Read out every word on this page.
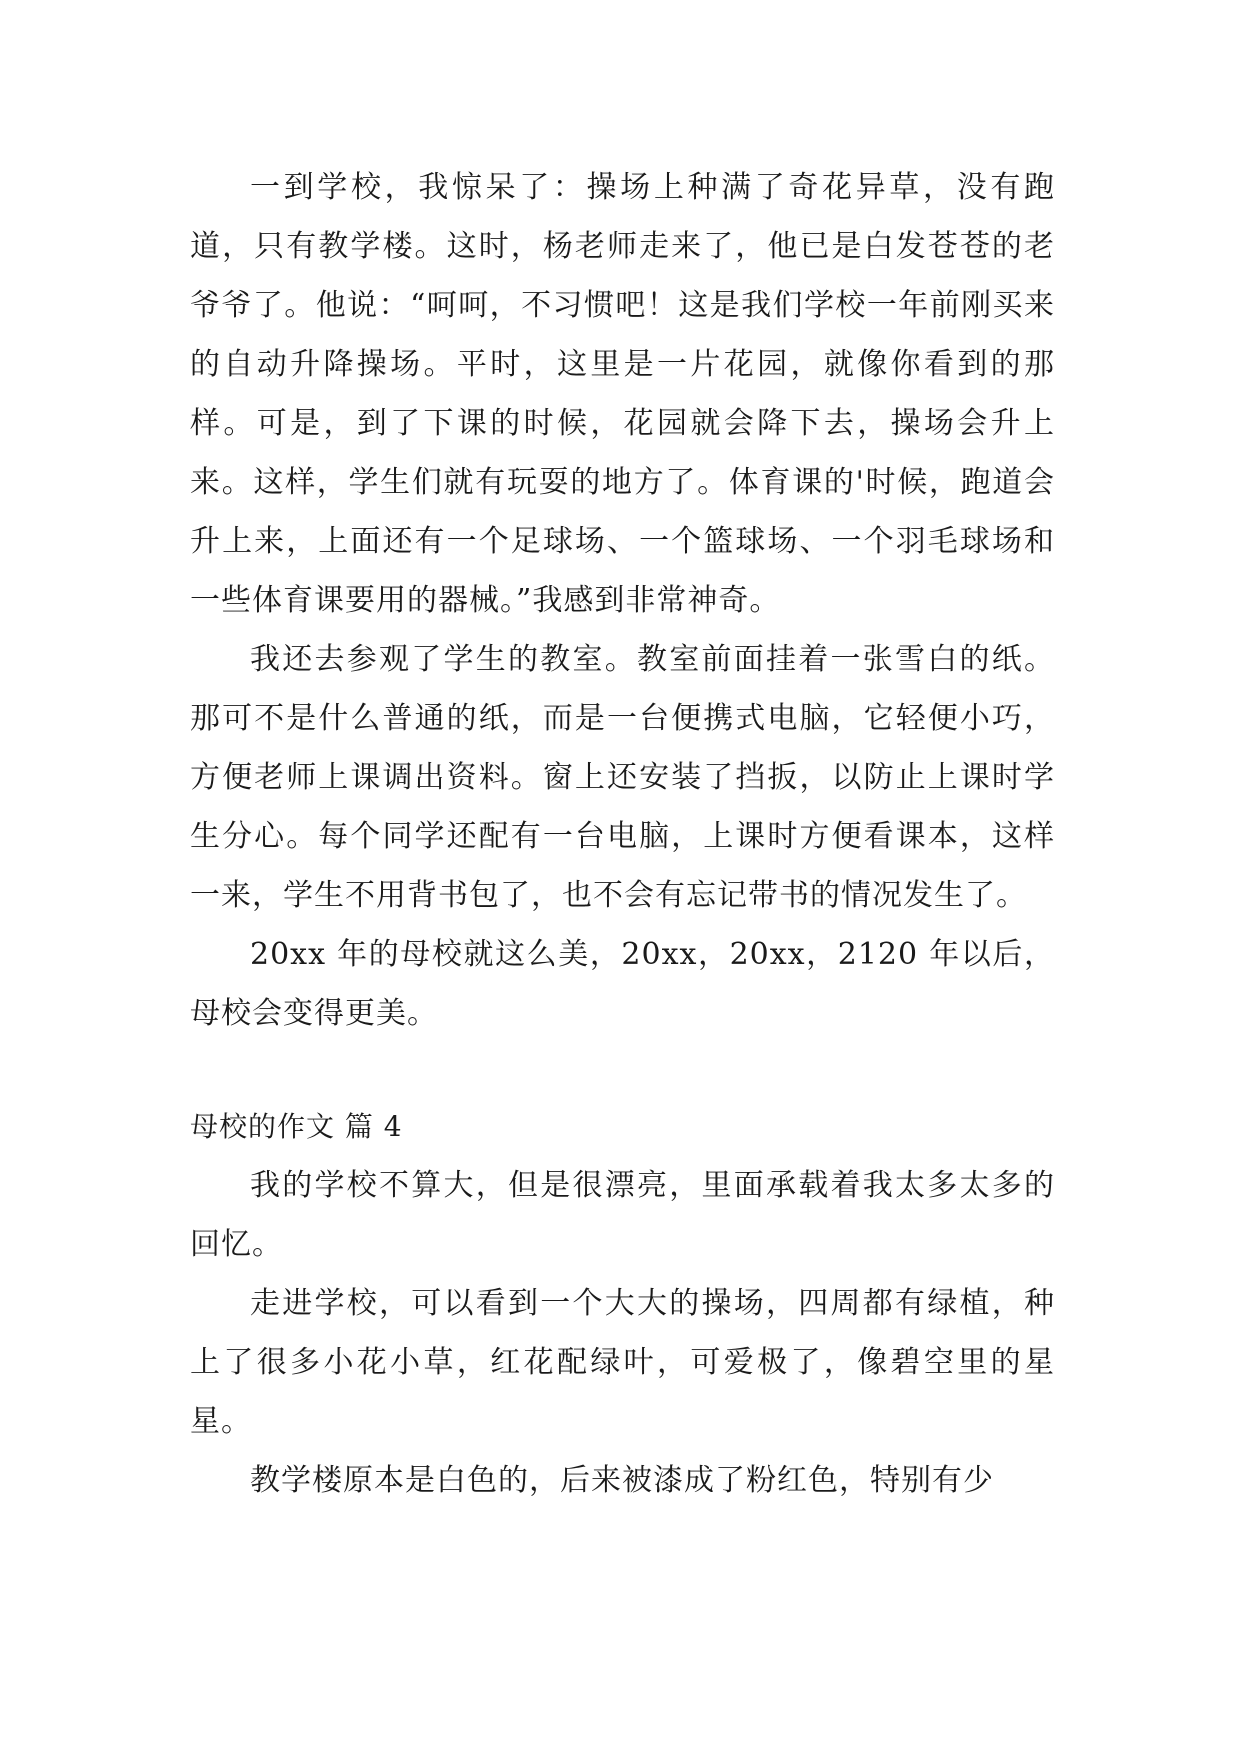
一到学校，我惊呆了：操场上种满了奇花异草，没有跑道，只有教学楼。这时，杨老师走来了，他已是白发苍苍的老爷爷了。他说：“呵呵，不习惯吧！这是我们学校一年前刚买来的自动升降操场。平时，这里是一片花园，就像你看到的那样。可是，到了下课的时候，花园就会降下去，操场会升上来。这样，学生们就有玩耍的地方了。体育课的'时候，跑道会升上来，上面还有一个足球场、一个篮球场、一个羽毛球场和一些体育课要用的器械。”我感到非常神奇。

我还去参观了学生的教室。教室前面挂着一张雪白的纸。那可不是什么普通的纸，而是一台便携式电脑，它轻便小巧，方便老师上课调出资料。窗上还安装了挡扳，以防止上课时学生分心。每个同学还配有一台电脑，上课时方便看课本，这样一来，学生不用背书包了，也不会有忘记带书的情况发生了。

20xx 年的母校就这么美，20xx，20xx，2120 年以后，母校会变得更美。

母校的作文 篇 4

我的学校不算大，但是很漂亮，里面承载着我太多太多的回忆。

走进学校，可以看到一个大大的操场，四周都有绿植，种上了很多小花小草，红花配绿叶，可爱极了，像碧空里的星星。

教学楼原本是白色的，后来被漆成了粉红色，特别有少
